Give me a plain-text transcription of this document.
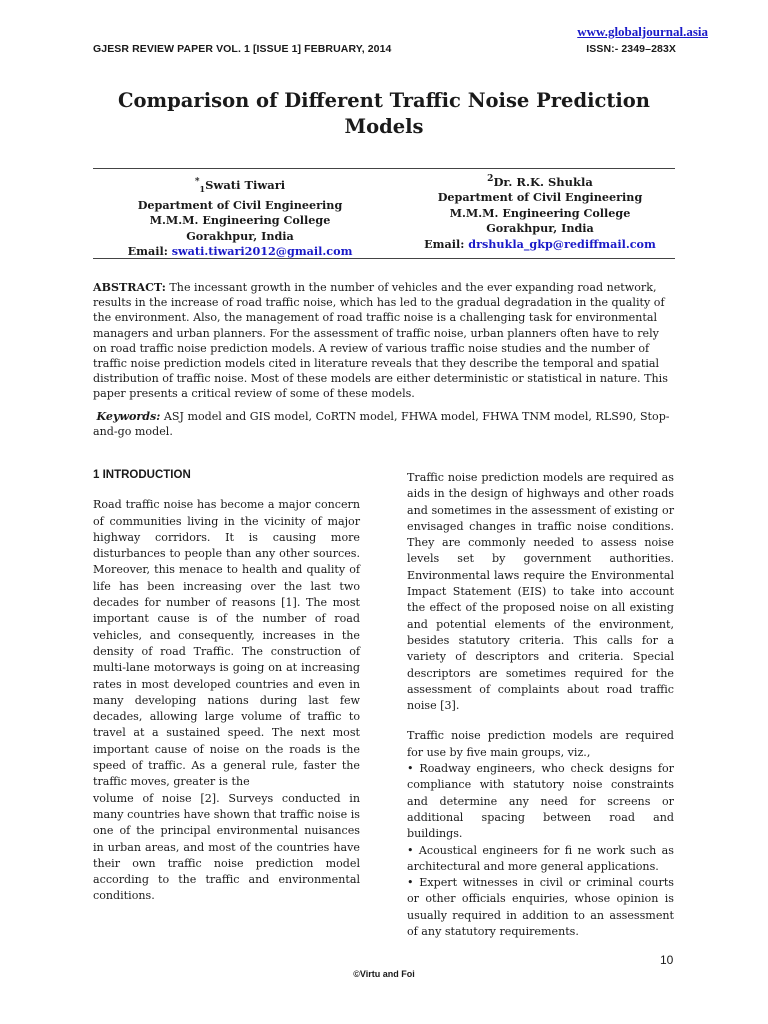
www.globaljournal.asia
GJESR REVIEW PAPER VOL. 1 [ISSUE 1] FEBRUARY, 2014	ISSN:- 2349–283X
Comparison of Different Traffic Noise Prediction Models
*$_1$Swati Tiwari
Department of Civil Engineering
M.M.M. Engineering College
Gorakhpur, India
Email: swati.tiwari2012@gmail.com
$^2$Dr. R.K. Shukla
Department of Civil Engineering
M.M.M. Engineering College
Gorakhpur, India
Email: drshukla_gkp@rediffmail.com
ABSTRACT: The incessant growth in the number of vehicles and the ever expanding road network, results in the increase of road traffic noise, which has led to the gradual degradation in the quality of the environment. Also, the management of road traffic noise is a challenging task for environmental managers and urban planners. For the assessment of traffic noise, urban planners often have to rely on road traffic noise prediction models. A review of various traffic noise studies and the number of traffic noise prediction models cited in literature reveals that they describe the temporal and spatial distribution of traffic noise. Most of these models are either deterministic or statistical in nature. This paper presents a critical review of some of these models.
Keywords: ASJ model and GIS model, CoRTN model, FHWA model, FHWA TNM model, RLS90, Stop-and-go model.
1 INTRODUCTION

Road traffic noise has become a major concern of communities living in the vicinity of major highway corridors. It is causing more disturbances to people than any other sources. Moreover, this menace to health and quality of life has been increasing over the last two decades for number of reasons [1]. The most important cause is of the number of road vehicles, and consequently, increases in the density of road Traffic. The construction of multi-lane motorways is going on at increasing rates in most developed countries and even in many developing nations during last few decades, allowing large volume of traffic to travel at a sustained speed. The next most important cause of noise on the roads is the speed of traffic. As a general rule, faster the traffic moves, greater is the

volume of noise [2]. Surveys conducted in many countries have shown that traffic noise is one of the principal environmental nuisances in urban areas, and most of the countries have their own traffic noise prediction model according to the traffic and environmental conditions.

Traffic noise prediction models are required as aids in the design of highways and other roads and sometimes in the assessment of existing or envisaged changes in traffic noise conditions. They are commonly needed to assess noise levels set by government authorities. Environmental laws require the Environmental Impact Statement (EIS) to take into account the effect of the proposed noise on all existing and potential elements of the environment, besides statutory criteria. This calls for a variety of descriptors and criteria. Special descriptors are sometimes required for the assessment of complaints about road traffic noise [3].

Traffic noise prediction models are required for use by five main groups, viz.,

• Roadway engineers, who check designs for compliance with statutory noise constraints and determine any need for screens or additional spacing between road and buildings.

• Acoustical engineers for fi ne work such as architectural and more general applications.

• Expert witnesses in civil or criminal courts or other officials enquiries, whose opinion is usually required in addition to an assessment of any statutory requirements.

10
©Virtu and Foi
